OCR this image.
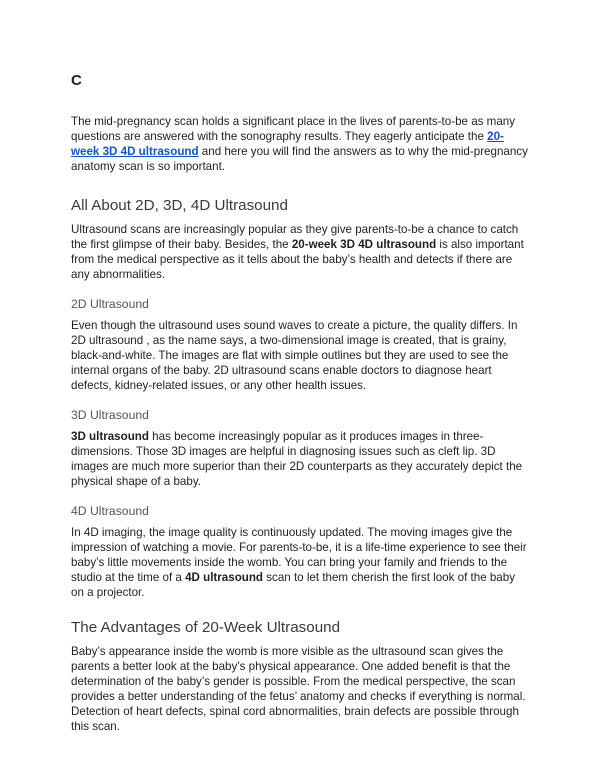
C

The mid-pregnancy scan holds a significant place in the lives of parents-to-be as many questions are answered with the sonography results. They eagerly anticipate the 20-week 3D 4D ultrasound and here you will find the answers as to why the mid-pregnancy anatomy scan is so important.

All About 2D, 3D, 4D Ultrasound

Ultrasound scans are increasingly popular as they give parents-to-be a chance to catch the first glimpse of their baby. Besides, the 20-week 3D 4D ultrasound is also important from the medical perspective as it tells about the baby’s health and detects if there are any abnormalities.

2D Ultrasound

Even though the ultrasound uses sound waves to create a picture, the quality differs. In 2D ultrasound , as the name says, a two-dimensional image is created, that is grainy, black-and-white. The images are flat with simple outlines but they are used to see the internal organs of the baby. 2D ultrasound scans enable doctors to diagnose heart defects, kidney-related issues, or any other health issues.

3D Ultrasound

3D ultrasound has become increasingly popular as it produces images in three-dimensions. Those 3D images are helpful in diagnosing issues such as cleft lip. 3D images are much more superior than their 2D counterparts as they accurately depict the physical shape of a baby.

4D Ultrasound

In 4D imaging, the image quality is continuously updated. The moving images give the impression of watching a movie. For parents-to-be, it is a life-time experience to see their baby’s little movements inside the womb. You can bring your family and friends to the studio at the time of a 4D ultrasound scan to let them cherish the first look of the baby on a projector.

The Advantages of 20-Week Ultrasound

Baby’s appearance inside the womb is more visible as the ultrasound scan gives the parents a better look at the baby’s physical appearance. One added benefit is that the determination of the baby’s gender is possible. From the medical perspective, the scan provides a better understanding of the fetus’ anatomy and checks if everything is normal. Detection of heart defects, spinal cord abnormalities, brain defects are possible through this scan.
